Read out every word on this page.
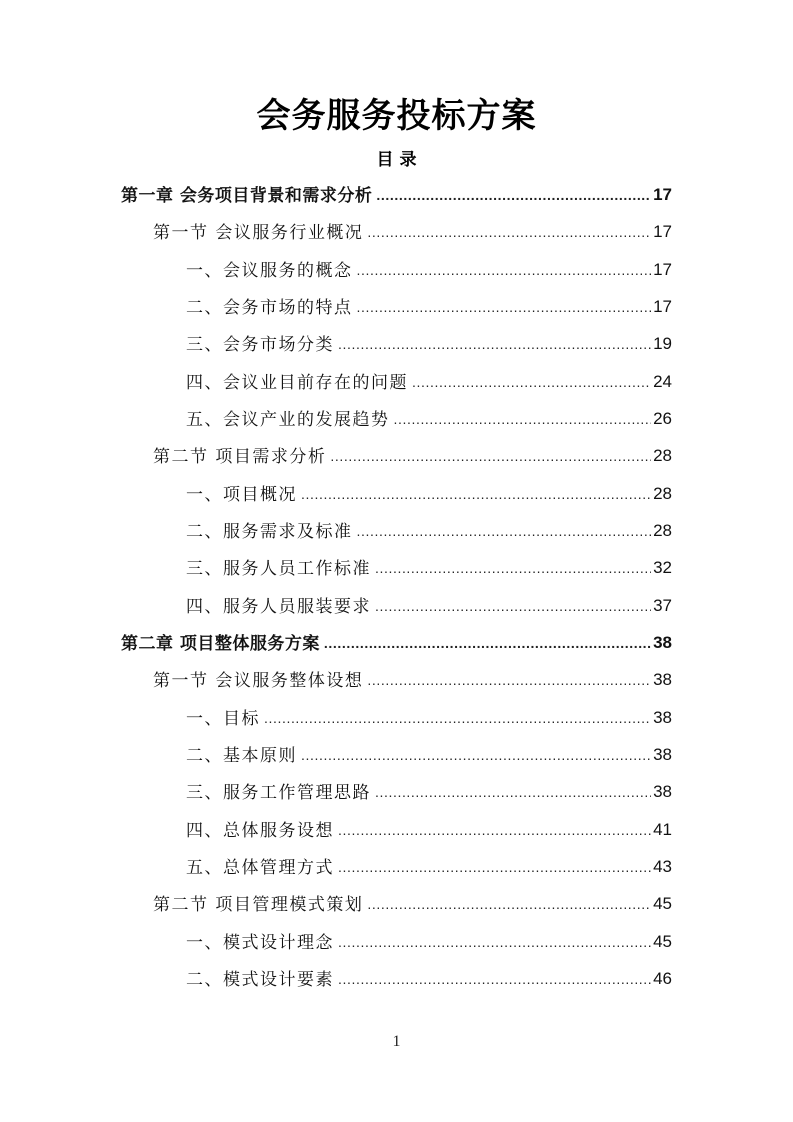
会务服务投标方案
目 录
第一章 会务项目背景和需求分析 .....	17
第一节 会议服务行业概况 .....	17
一、会议服务的概念 .....	17
二、会务市场的特点 .....	17
三、会务市场分类 .....	19
四、会议业目前存在的问题 .....	24
五、会议产业的发展趋势 .....	26
第二节 项目需求分析 .....	28
一、项目概况 .....	28
二、服务需求及标准 .....	28
三、服务人员工作标准 .....	32
四、服务人员服装要求 .....	37
第二章 项目整体服务方案 .....	38
第一节 会议服务整体设想 .....	38
一、目标 .....	38
二、基本原则 .....	38
三、服务工作管理思路 .....	38
四、总体服务设想 .....	41
五、总体管理方式 .....	43
第二节 项目管理模式策划 .....	45
一、模式设计理念 .....	45
二、模式设计要素 .....	46
1
